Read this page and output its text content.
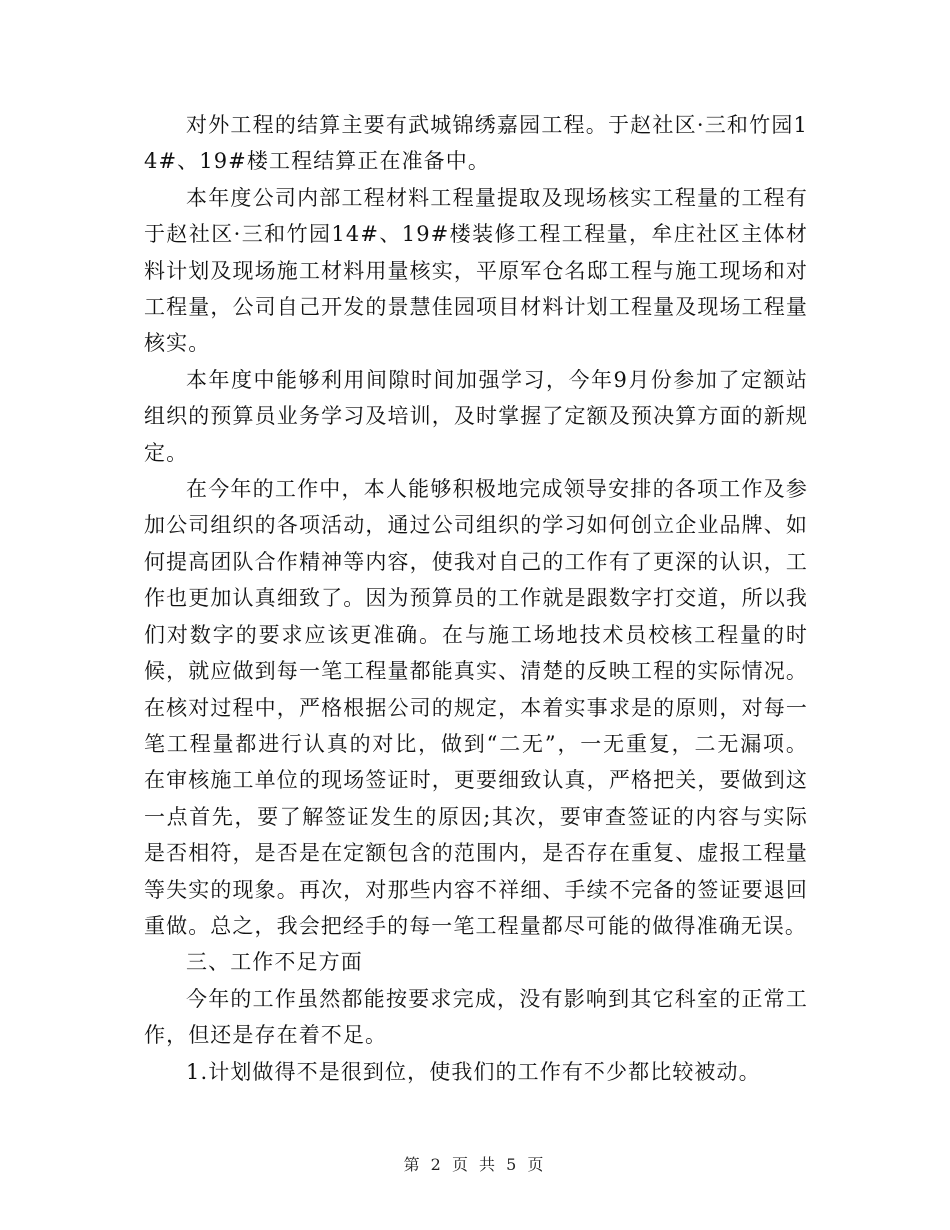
对外工程的结算主要有武城锦绣嘉园工程。于赵社区·三和竹园14#、19#楼工程结算正在准备中。

本年度公司内部工程材料工程量提取及现场核实工程量的工程有于赵社区·三和竹园14#、19#楼装修工程工程量，牟庄社区主体材料计划及现场施工材料用量核实，平原军仓名邸工程与施工现场和对工程量，公司自己开发的景慧佳园项目材料计划工程量及现场工程量核实。

本年度中能够利用间隙时间加强学习，今年9月份参加了定额站组织的预算员业务学习及培训，及时掌握了定额及预决算方面的新规定。

在今年的工作中，本人能够积极地完成领导安排的各项工作及参加公司组织的各项活动，通过公司组织的学习如何创立企业品牌、如何提高团队合作精神等内容，使我对自己的工作有了更深的认识，工作也更加认真细致了。因为预算员的工作就是跟数字打交道，所以我们对数字的要求应该更准确。在与施工场地技术员校核工程量的时候，就应做到每一笔工程量都能真实、清楚的反映工程的实际情况。在核对过程中，严格根据公司的规定，本着实事求是的原则，对每一笔工程量都进行认真的对比，做到“二无”，一无重复，二无漏项。在审核施工单位的现场签证时，更要细致认真，严格把关，要做到这一点首先，要了解签证发生的原因;其次，要审查签证的内容与实际是否相符，是否是在定额包含的范围内，是否存在重复、虚报工程量等失实的现象。再次，对那些内容不祥细、手续不完备的签证要退回重做。总之，我会把经手的每一笔工程量都尽可能的做得准确无误。

三、工作不足方面

今年的工作虽然都能按要求完成，没有影响到其它科室的正常工作，但还是存在着不足。

1.计划做得不是很到位，使我们的工作有不少都比较被动。

第 2 页 共 5 页
